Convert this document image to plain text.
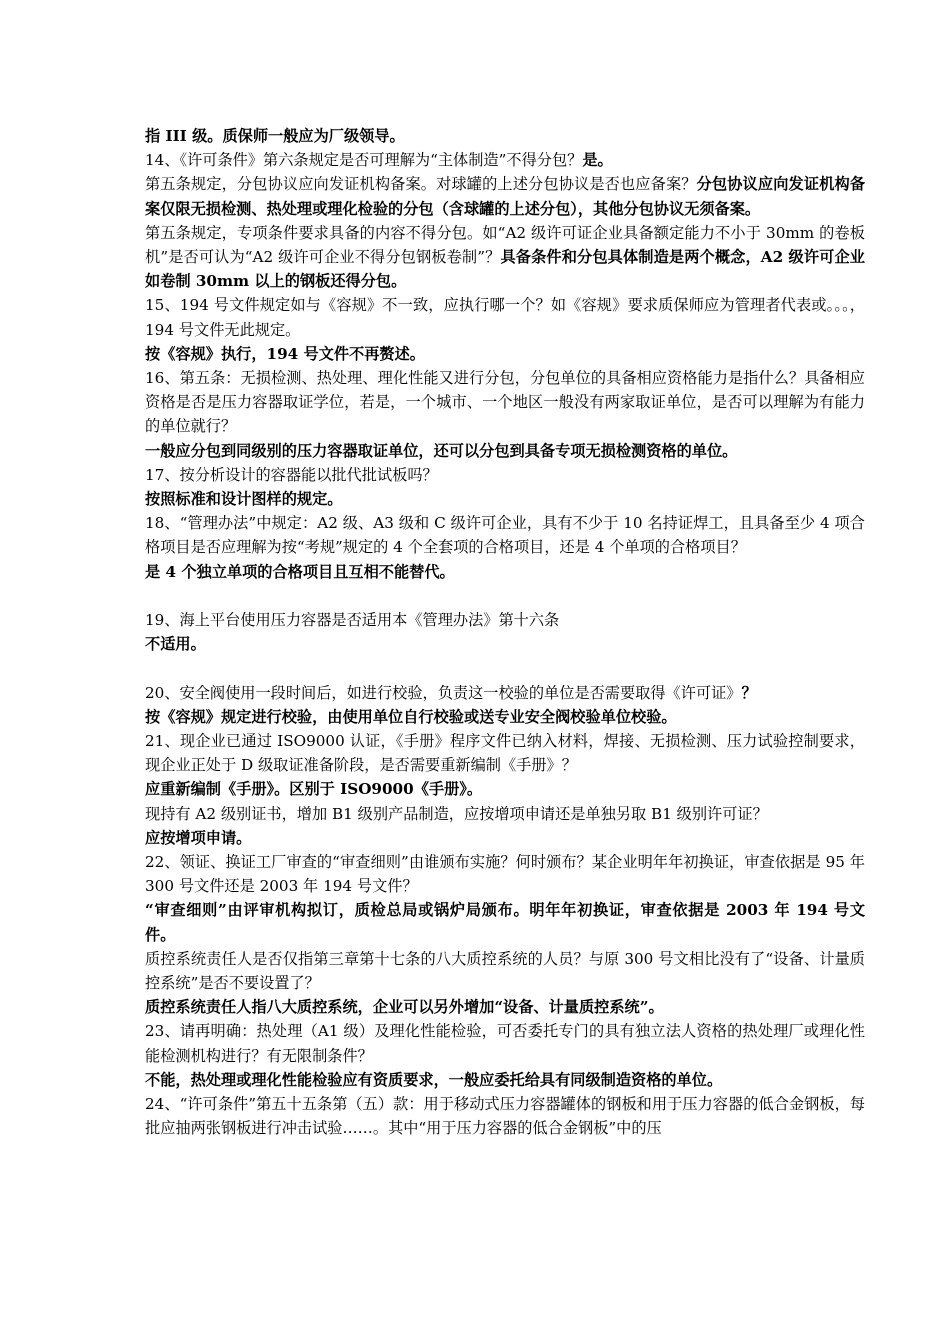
指 III 级。质保师一般应为厂级领导。

14、《许可条件》第六条规定是否可理解为“主体制造”不得分包？是。

第五条规定，分包协议应向发证机构备案。对球罐的上述分包协议是否也应备案？分包协议应向发证机构备案仅限无损检测、热处理或理化检验的分包（含球罐的上述分包），其他分包协议无须备案。

第五条规定，专项条件要求具备的内容不得分包。如“A2 级许可证企业具备额定能力不小于 30mm 的卷板机”是否可认为“A2 级许可企业不得分包钢板卷制”？具备条件和分包具体制造是两个概念，A2 级许可企业如卷制 30mm 以上的钢板还得分包。

15、194 号文件规定如与《容规》不一致，应执行哪一个？如《容规》要求质保师应为管理者代表或。。。，194 号文件无此规定。

按《容规》执行，194 号文件不再赘述。

16、第五条：无损检测、热处理、理化性能又进行分包，分包单位的具备相应资格能力是指什么？具备相应资格是否是压力容器取证学位，若是，一个城市、一个地区一般没有两家取证单位，是否可以理解为有能力的单位就行？

一般应分包到同级别的压力容器取证单位，还可以分包到具备专项无损检测资格的单位。

17、按分析设计的容器能以批代批试板吗？

按照标准和设计图样的规定。

18、“管理办法”中规定：A2 级、A3 级和 C 级许可企业，具有不少于 10 名持证焊工，且具备至少 4 项合格项目是否应理解为按“考规”规定的 4 个全套项的合格项目，还是 4 个单项的合格项目？

是 4 个独立单项的合格项目且互相不能替代。

19、海上平台使用压力容器是否适用本《管理办法》第十六条

不适用。

20、安全阀使用一段时间后，如进行校验，负责这一校验的单位是否需要取得《许可证》？

按《容规》规定进行校验，由使用单位自行校验或送专业安全阀校验单位校验。

21、现企业已通过 ISO9000 认证，《手册》程序文件已纳入材料，焊接、无损检测、压力试验控制要求，现企业正处于 D 级取证准备阶段，是否需要重新编制《手册》？

应重新编制《手册》。区别于 ISO9000《手册》。

现持有 A2 级别证书，增加 B1 级别产品制造，应按增项申请还是单独另取 B1 级别许可证？

应按增项申请。

22、领证、换证工厂审查的“审查细则”由谁颁布实施？何时颁布？某企业明年年初换证，审查依据是 95 年 300 号文件还是 2003 年 194 号文件？

“审查细则”由评审机构拟订，质检总局或锅炉局颁布。明年年初换证，审查依据是 2003 年 194 号文件。

质控系统责任人是否仅指第三章第十七条的八大质控系统的人员？与原 300 号文相比没有了“设备、计量质控系统”是否不要设置了？

质控系统责任人指八大质控系统，企业可以另外增加“设备、计量质控系统”。

23、请再明确：热处理（A1 级）及理化性能检验，可否委托专门的具有独立法人资格的热处理厂或理化性能检测机构进行？有无限制条件？

不能，热处理或理化性能检验应有资质要求，一般应委托给具有同级制造资格的单位。

24、“许可条件”第五十五条第（五）款：用于移动式压力容器罐体的钢板和用于压力容器的低合金钢板，每批应抽两张钢板进行冲击试验……。其中“用于压力容器的低合金钢板”中的压
